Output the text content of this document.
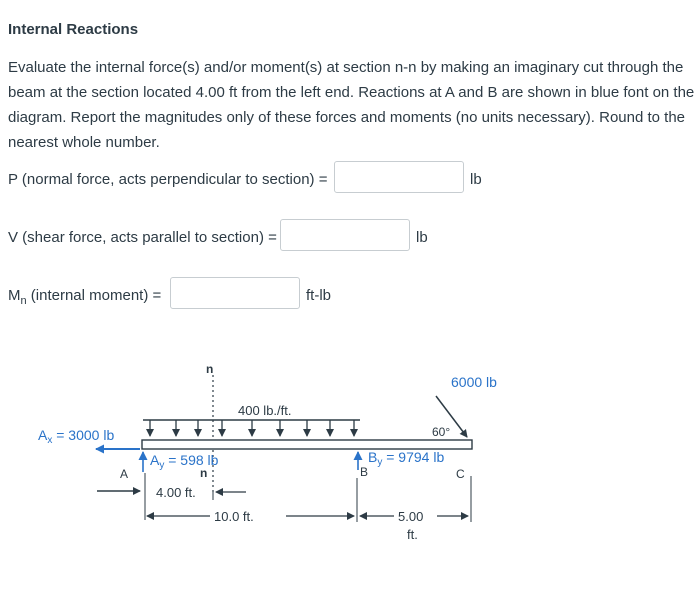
Internal Reactions
Evaluate the internal force(s) and/or moment(s) at section n-n by making an imaginary cut through the beam at the section located 4.00 ft from the left end. Reactions at A and B are shown in blue font on the diagram. Report the magnitudes only of these forces and moments (no units necessary). Round to the nearest whole number.
P (normal force, acts perpendicular to section) =	lb
V (shear force, acts parallel to section) =	lb
$M_n$ (internal moment) =	ft-lb
n
n
400 lb./ft.
6000 lb
60°
$A_x = 3000$ lb
$A_y = 598$ lb
A
$B_y = 9794$ lb
B	C
4.00 ft.
10.0 ft.	5.00
ft.
